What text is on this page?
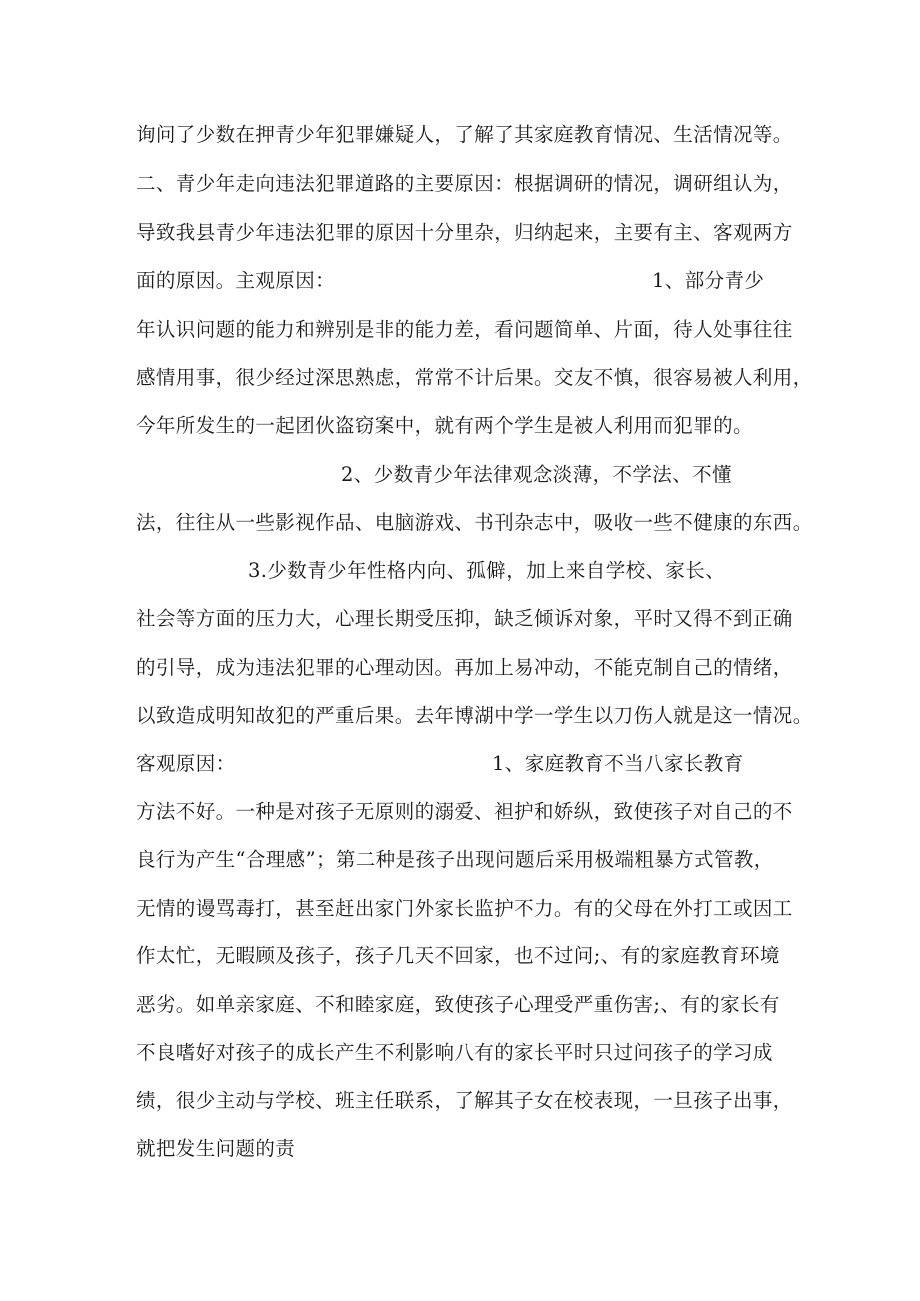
询问了少数在押青少年犯罪嫌疑人，了解了其家庭教育情况、生活情况等。
二、青少年走向违法犯罪道路的主要原因：根据调研的情况，调研组认为，
导致我县青少年违法犯罪的原因十分里杂，归纳起来，主要有主、客观两方
面的原因。主观原因：	1、部分青少
年认识问题的能力和辨别是非的能力差，看问题简单、片面，待人处事往往
感情用事，很少经过深思熟虑，常常不计后果。交友不慎，很容易被人利用，
今年所发生的一起团伙盗窃案中，就有两个学生是被人利用而犯罪的。
2、少数青少年法律观念淡薄，不学法、不懂
法，往往从一些影视作品、电脑游戏、书刊杂志中，吸收一些不健康的东西。
3.少数青少年性格内向、孤僻，加上来自学校、家长、
社会等方面的压力大，心理长期受压抑，缺乏倾诉对象，平时又得不到正确
的引导，成为违法犯罪的心理动因。再加上易冲动，不能克制自己的情绪，
以致造成明知故犯的严重后果。去年博湖中学一学生以刀伤人就是这一情况。
客观原因：	1、家庭教育不当八家长教育
方法不好。一种是对孩子无原则的溺爱、袒护和娇纵，致使孩子对自己的不
良行为产生“合理感”；第二种是孩子出现问题后采用极端粗暴方式管教，
无情的谩骂毒打，甚至赶出家门外家长监护不力。有的父母在外打工或因工
作太忙，无暇顾及孩子，孩子几天不回家，也不过问;、有的家庭教育环境
恶劣。如单亲家庭、不和睦家庭，致使孩子心理受严重伤害;、有的家长有
不良嗜好对孩子的成长产生不利影响八有的家长平时只过问孩子的学习成
绩，很少主动与学校、班主任联系，了解其子女在校表现，一旦孩子出事，
就把发生问题的责
